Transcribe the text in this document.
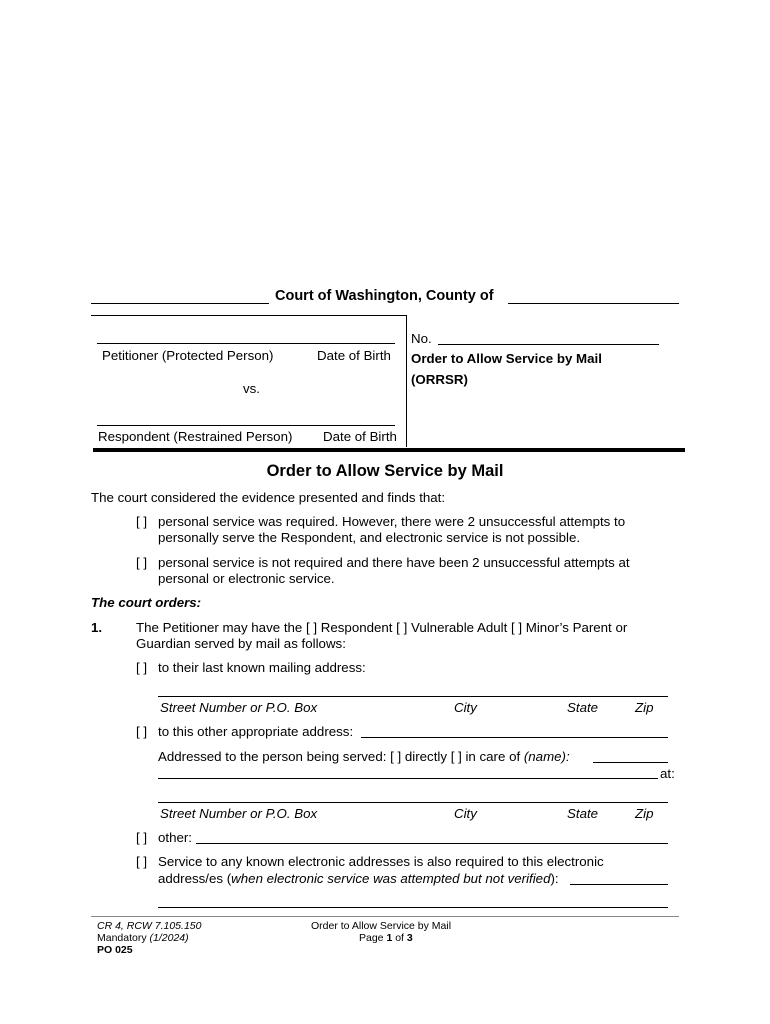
Court of Washington, County of
Petitioner (Protected Person)	Date of Birth
vs.
Respondent (Restrained Person) Date of Birth
No.
Order to Allow Service by Mail
(ORRSR)
Order to Allow Service by Mail
The court considered the evidence presented and finds that:
[ ] personal service was required. However, there were 2 unsuccessful attempts to
personally serve the Respondent, and electronic service is not possible.
[ ] personal service is not required and there have been 2 unsuccessful attempts at
personal or electronic service.
The court orders:
1.	The Petitioner may have the [ ] Respondent [ ] Vulnerable Adult [ ] Minor’s Parent or
Guardian served by mail as follows:
[ ] to their last known mailing address:
Street Number or P.O. Box	City	State	Zip
[ ] to this other appropriate address:
Addressed to the person being served: [ ] directly [ ] in care of (name):
at:
Street Number or P.O. Box	City	State	Zip
[ ] other:
[ ] Service to any known electronic addresses is also required to this electronic
address/es (when electronic service was attempted but not verified):
CR 4, RCW 7.105.150
Mandatory (1/2024)
PO 025
Order to Allow Service by Mail
Page 1 of 3
